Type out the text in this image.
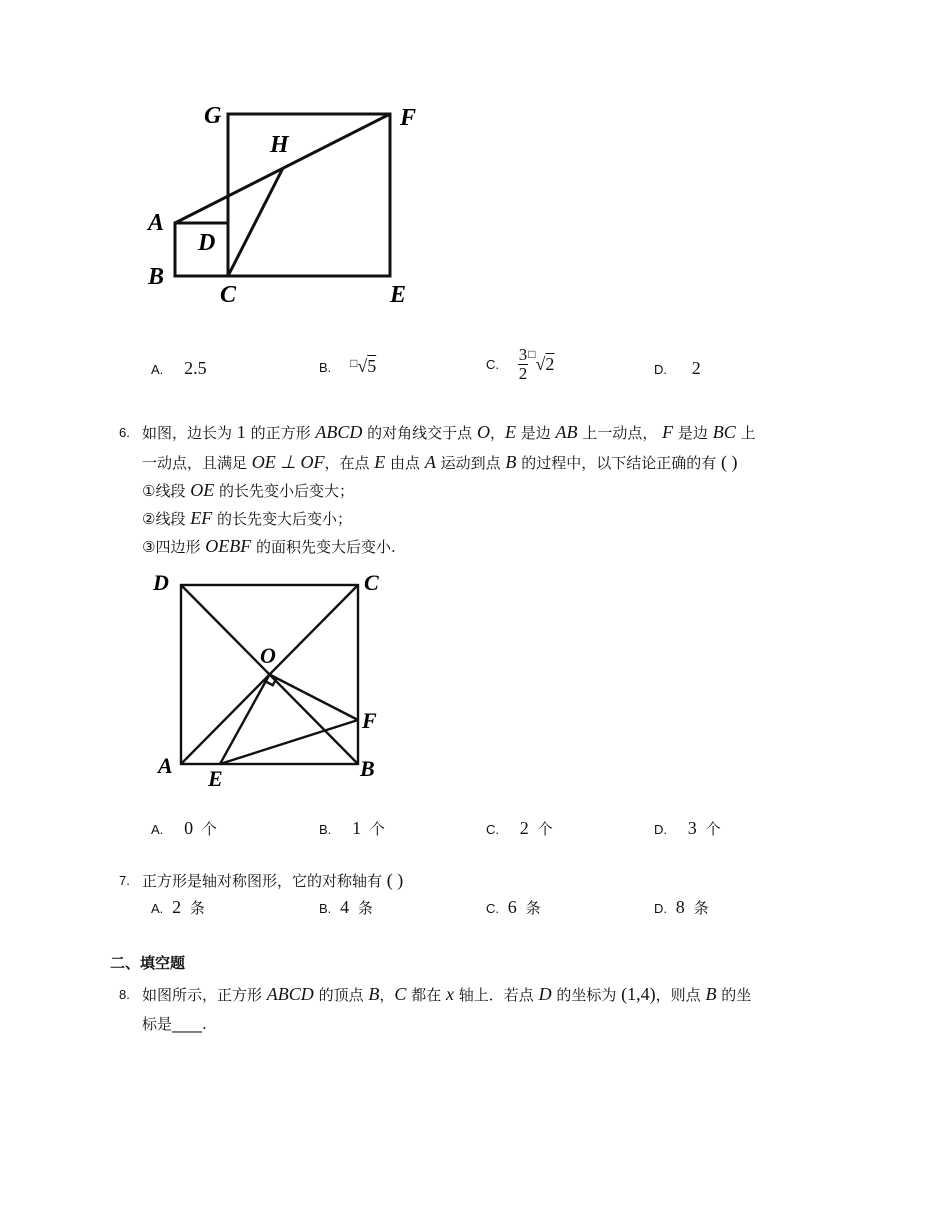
G	F
H
A
D
B
C	E
A. 2.5	B. □√5	C. $\frac{3}{2} ^□√2$	D. 2
6. 如图，边长为 1 的正方形 ABCD 的对角线交于点 O，E 是边 AB 上一动点， F 是边 BC 上
一动点，且满足 OE ⊥ OF，在点 E 由点 A 运动到点 B 的过程中，以下结论正确的有 ( )
①线段 OE 的长先变小后变大；
②线段 EF 的长先变大后变小；
③四边形 OEBF 的面积先变大后变小.
D	C
O
F
A
E	B
A. 0 个	B. 1 个	C. 2 个	D. 3 个
7. 正方形是轴对称图形，它的对称轴有 ( )
A. 2 条	B. 4 条	C. 6 条	D. 8 条
二、填空题
8. 如图所示，正方形 ABCD 的顶点 B，C 都在 x 轴上．若点 D 的坐标为 (1,4)，则点 B 的坐
标是____.
